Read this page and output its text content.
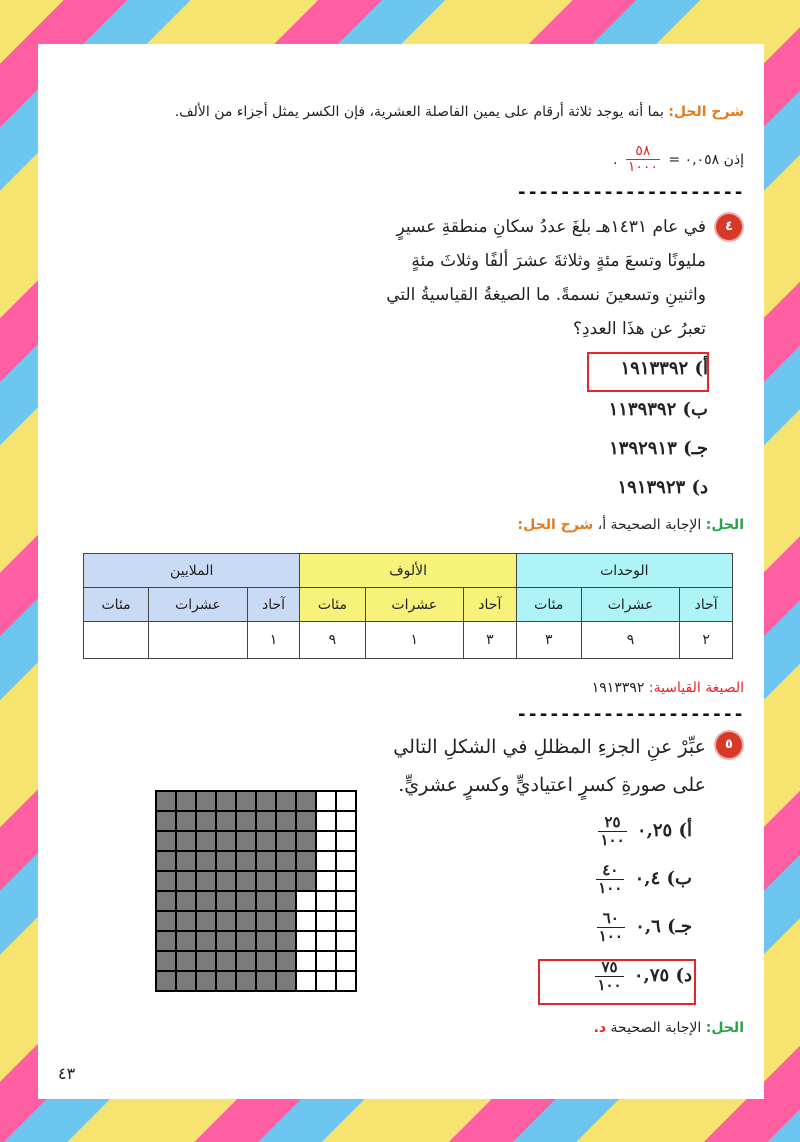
شرح الحل: بما أنه يوجد ثلاثة أرقام على يمين الفاصلة العشرية، فإن الكسر يمثل أجزاء من الألف.
إذن ٠,٠٥٨ =
$\frac{٥٨}{١٠٠٠}$
.
---------------------
٤
في عام ١٤٣١هـ بلغَ عددُ سكانِ منطقةِ عسيرٍ مليونًا وتسعَ مئةٍ وثلاثةَ عشرَ ألفًا وثلاثَ مئةٍ واثنينِ وتسعينَ نسمةً. ما الصيغةُ القياسيةُ التي تعبرُ عن هذَا العددِ؟
أ) ١٩١٣٣٩٢
ب) ١١٣٩٣٩٢
جـ) ١٣٩٢٩١٣
د) ١٩١٣٩٢٣
الحل: الإجابة الصحيحة أ، شرح الحل:
الوحدات			الألوف			الملايين		
آحاد	عشرات	مئات	آحاد	عشرات	مئات	آحاد	عشرات	مئات
٢	٩	٣	٣	١	٩	١		
الصيغة القياسية: ١٩١٣٣٩٢
---------------------
٥
عبِّرْ عنِ الجزءِ المظللِ في الشكلِ التالي
على صورةِ كسرٍ اعتياديٍّ وكسرٍ عشريٍّ.
أ) ٠,٢٥
$\frac{٢٥}{١٠٠}$
ب) ٠,٤
$\frac{٤٠}{١٠٠}$
جـ) ٠,٦
$\frac{٦٠}{١٠٠}$
د) ٠,٧٥
$\frac{٧٥}{١٠٠}$
الحل: الإجابة الصحيحة د.
٤٣
